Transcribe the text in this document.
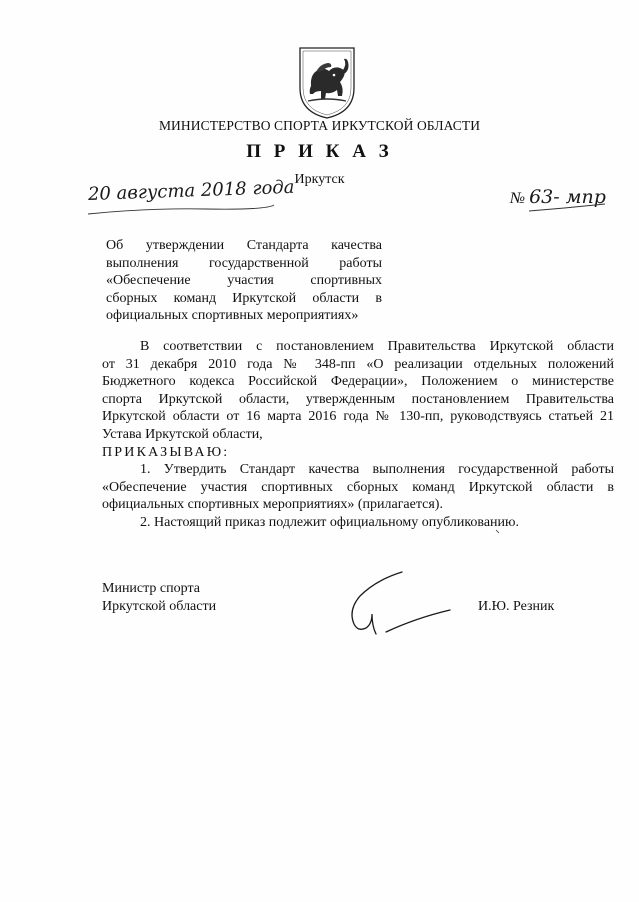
МИНИСТЕРСТВО СПОРТА ИРКУТСКОЙ ОБЛАСТИ
П Р И К А З
Иркутск
20 августа 2018 года	№ 63- мпр
Об утверждении Стандарта качества
выполнения государственной работы
«Обеспечение участия спортивных
сборных команд Иркутской области в
официальных спортивных мероприятиях»
В соответствии с постановлением Правительства Иркутской области
от 31 декабря 2010 года № 348-пп «О реализации отдельных положений
Бюджетного кодекса Российской Федерации», Положением о министерстве
спорта Иркутской области, утвержденным постановлением Правительства
Иркутской области от 16 марта 2016 года № 130-пп, руководствуясь статьей 21
Устава Иркутской области,

ПРИКАЗЫВАЮ:

1. Утвердить Стандарт качества выполнения государственной работы
«Обеспечение участия спортивных сборных команд Иркутской области в
официальных спортивных мероприятиях» (прилагается).
2. Настоящий приказ подлежит официальному опубликованию.
Министр спорта
Иркутской области	И.Ю. Резник
